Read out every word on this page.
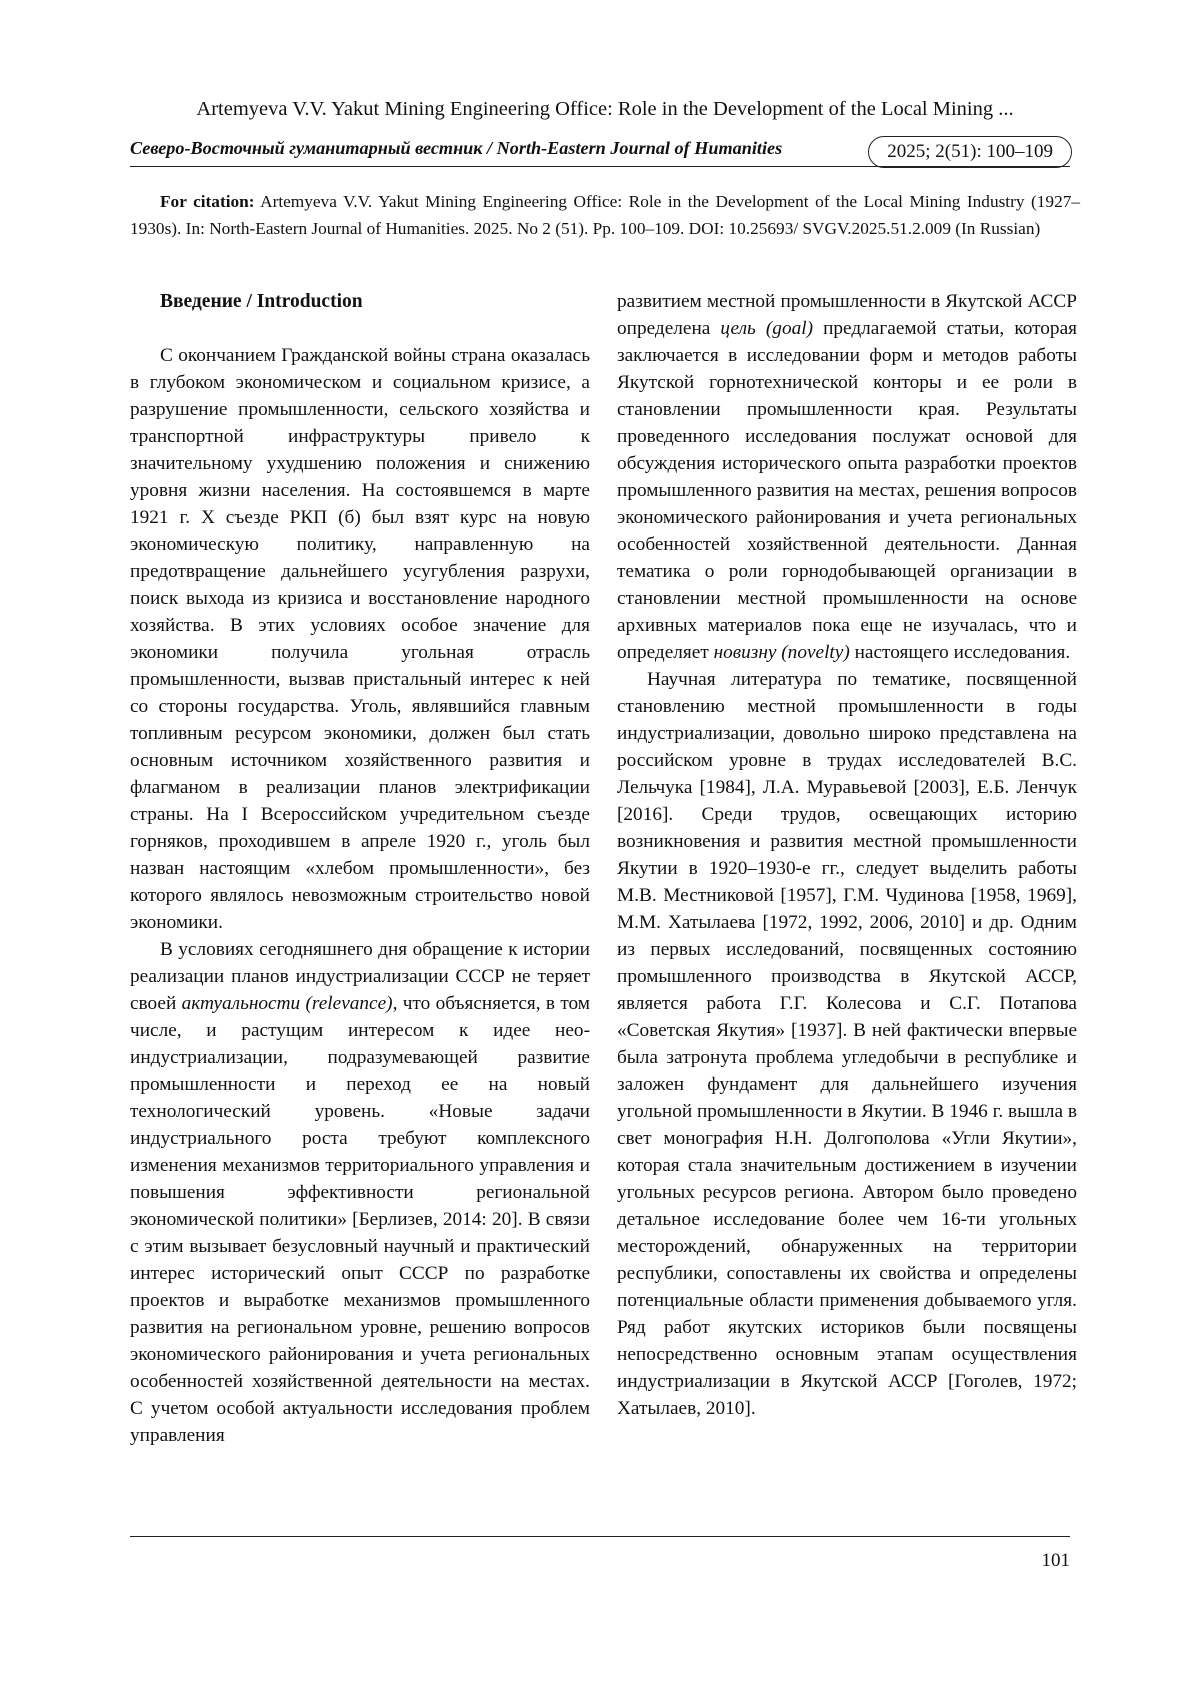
Artemyeva V.V. Yakut Mining Engineering Office: Role in the Development of the Local Mining ...
Северо-Восточный гуманитарный вестник / North-Eastern Journal of Humanities	2025; 2(51): 100–109
For citation: Artemyeva V.V. Yakut Mining Engineering Office: Role in the Development of the Local Mining Industry (1927–1930s). In: North-Eastern Journal of Humanities. 2025. No 2 (51). Pp. 100–109. DOI: 10.25693/ SVGV.2025.51.2.009 (In Russian)
Введение / Introduction

С окончанием Гражданской войны страна оказалась в глубоком экономическом и социальном кризисе, а разрушение промышленности, сельского хозяйства и транспортной инфраструктуры привело к значительному ухудшению положения и снижению уровня жизни населения. На состоявшемся в марте 1921 г. X съезде РКП (б) был взят курс на новую экономическую политику, направленную на предотвращение дальнейшего усугубления разрухи, поиск выхода из кризиса и восстановление народного хозяйства. В этих условиях особое значение для экономики получила угольная отрасль промышленности, вызвав пристальный интерес к ней со стороны государства. Уголь, являвшийся главным топливным ресурсом экономики, должен был стать основным источником хозяйственного развития и флагманом в реализации планов электрификации страны. На I Всероссийском учредительном съезде горняков, проходившем в апреле 1920 г., уголь был назван настоящим «хлебом промышленности», без которого являлось невозможным строительство новой экономики.

В условиях сегодняшнего дня обращение к истории реализации планов индустриализации СССР не теряет своей актуальности (relevance), что объясняется, в том числе, и растущим интересом к идее нео-индустриализации, подразумевающей развитие промышленности и переход ее на новый технологический уровень. «Новые задачи индустриального роста требуют комплексного изменения механизмов территориального управления и повышения эффективности региональной экономической политики» [Берлизев, 2014: 20]. В связи с этим вызывает безусловный научный и практический интерес исторический опыт СССР по разработке проектов и выработке механизмов промышленного развития на региональном уровне, решению вопросов экономического районирования и учета региональных особенностей хозяйственной деятельности на местах. С учетом особой актуальности исследования проблем управления

развитием местной промышленности в Якутской АССР определена цель (goal) предлагаемой статьи, которая заключается в исследовании форм и методов работы Якутской горнотехнической конторы и ее роли в становлении промышленности края. Результаты проведенного исследования послужат основой для обсуждения исторического опыта разработки проектов промышленного развития на местах, решения вопросов экономического районирования и учета региональных особенностей хозяйственной деятельности. Данная тематика о роли горнодобывающей организации в становлении местной промышленности на основе архивных материалов пока еще не изучалась, что и определяет новизну (novelty) настоящего исследования.

Научная литература по тематике, посвященной становлению местной промышленности в годы индустриализации, довольно широко представлена на российском уровне в трудах исследователей В.С. Лельчука [1984], Л.А. Муравьевой [2003], Е.Б. Ленчук [2016]. Среди трудов, освещающих историю возникновения и развития местной промышленности Якутии в 1920–1930-е гг., следует выделить работы М.В. Местниковой [1957], Г.М. Чудинова [1958, 1969], М.М. Хатылаева [1972, 1992, 2006, 2010] и др. Одним из первых исследований, посвященных состоянию промышленного производства в Якутской АССР, является работа Г.Г. Колесова и С.Г. Потапова «Советская Якутия» [1937]. В ней фактически впервые была затронута проблема угледобычи в республике и заложен фундамент для дальнейшего изучения угольной промышленности в Якутии. В 1946 г. вышла в свет монография Н.Н. Долгополова «Угли Якутии», которая стала значительным достижением в изучении угольных ресурсов региона. Автором было проведено детальное исследование более чем 16-ти угольных месторождений, обнаруженных на территории республики, сопоставлены их свойства и определены потенциальные области применения добываемого угля. Ряд работ якутских историков были посвящены непосредственно основным этапам осуществления индустриализации в Якутской АССР [Гоголев, 1972; Хатылаев, 2010].

101
